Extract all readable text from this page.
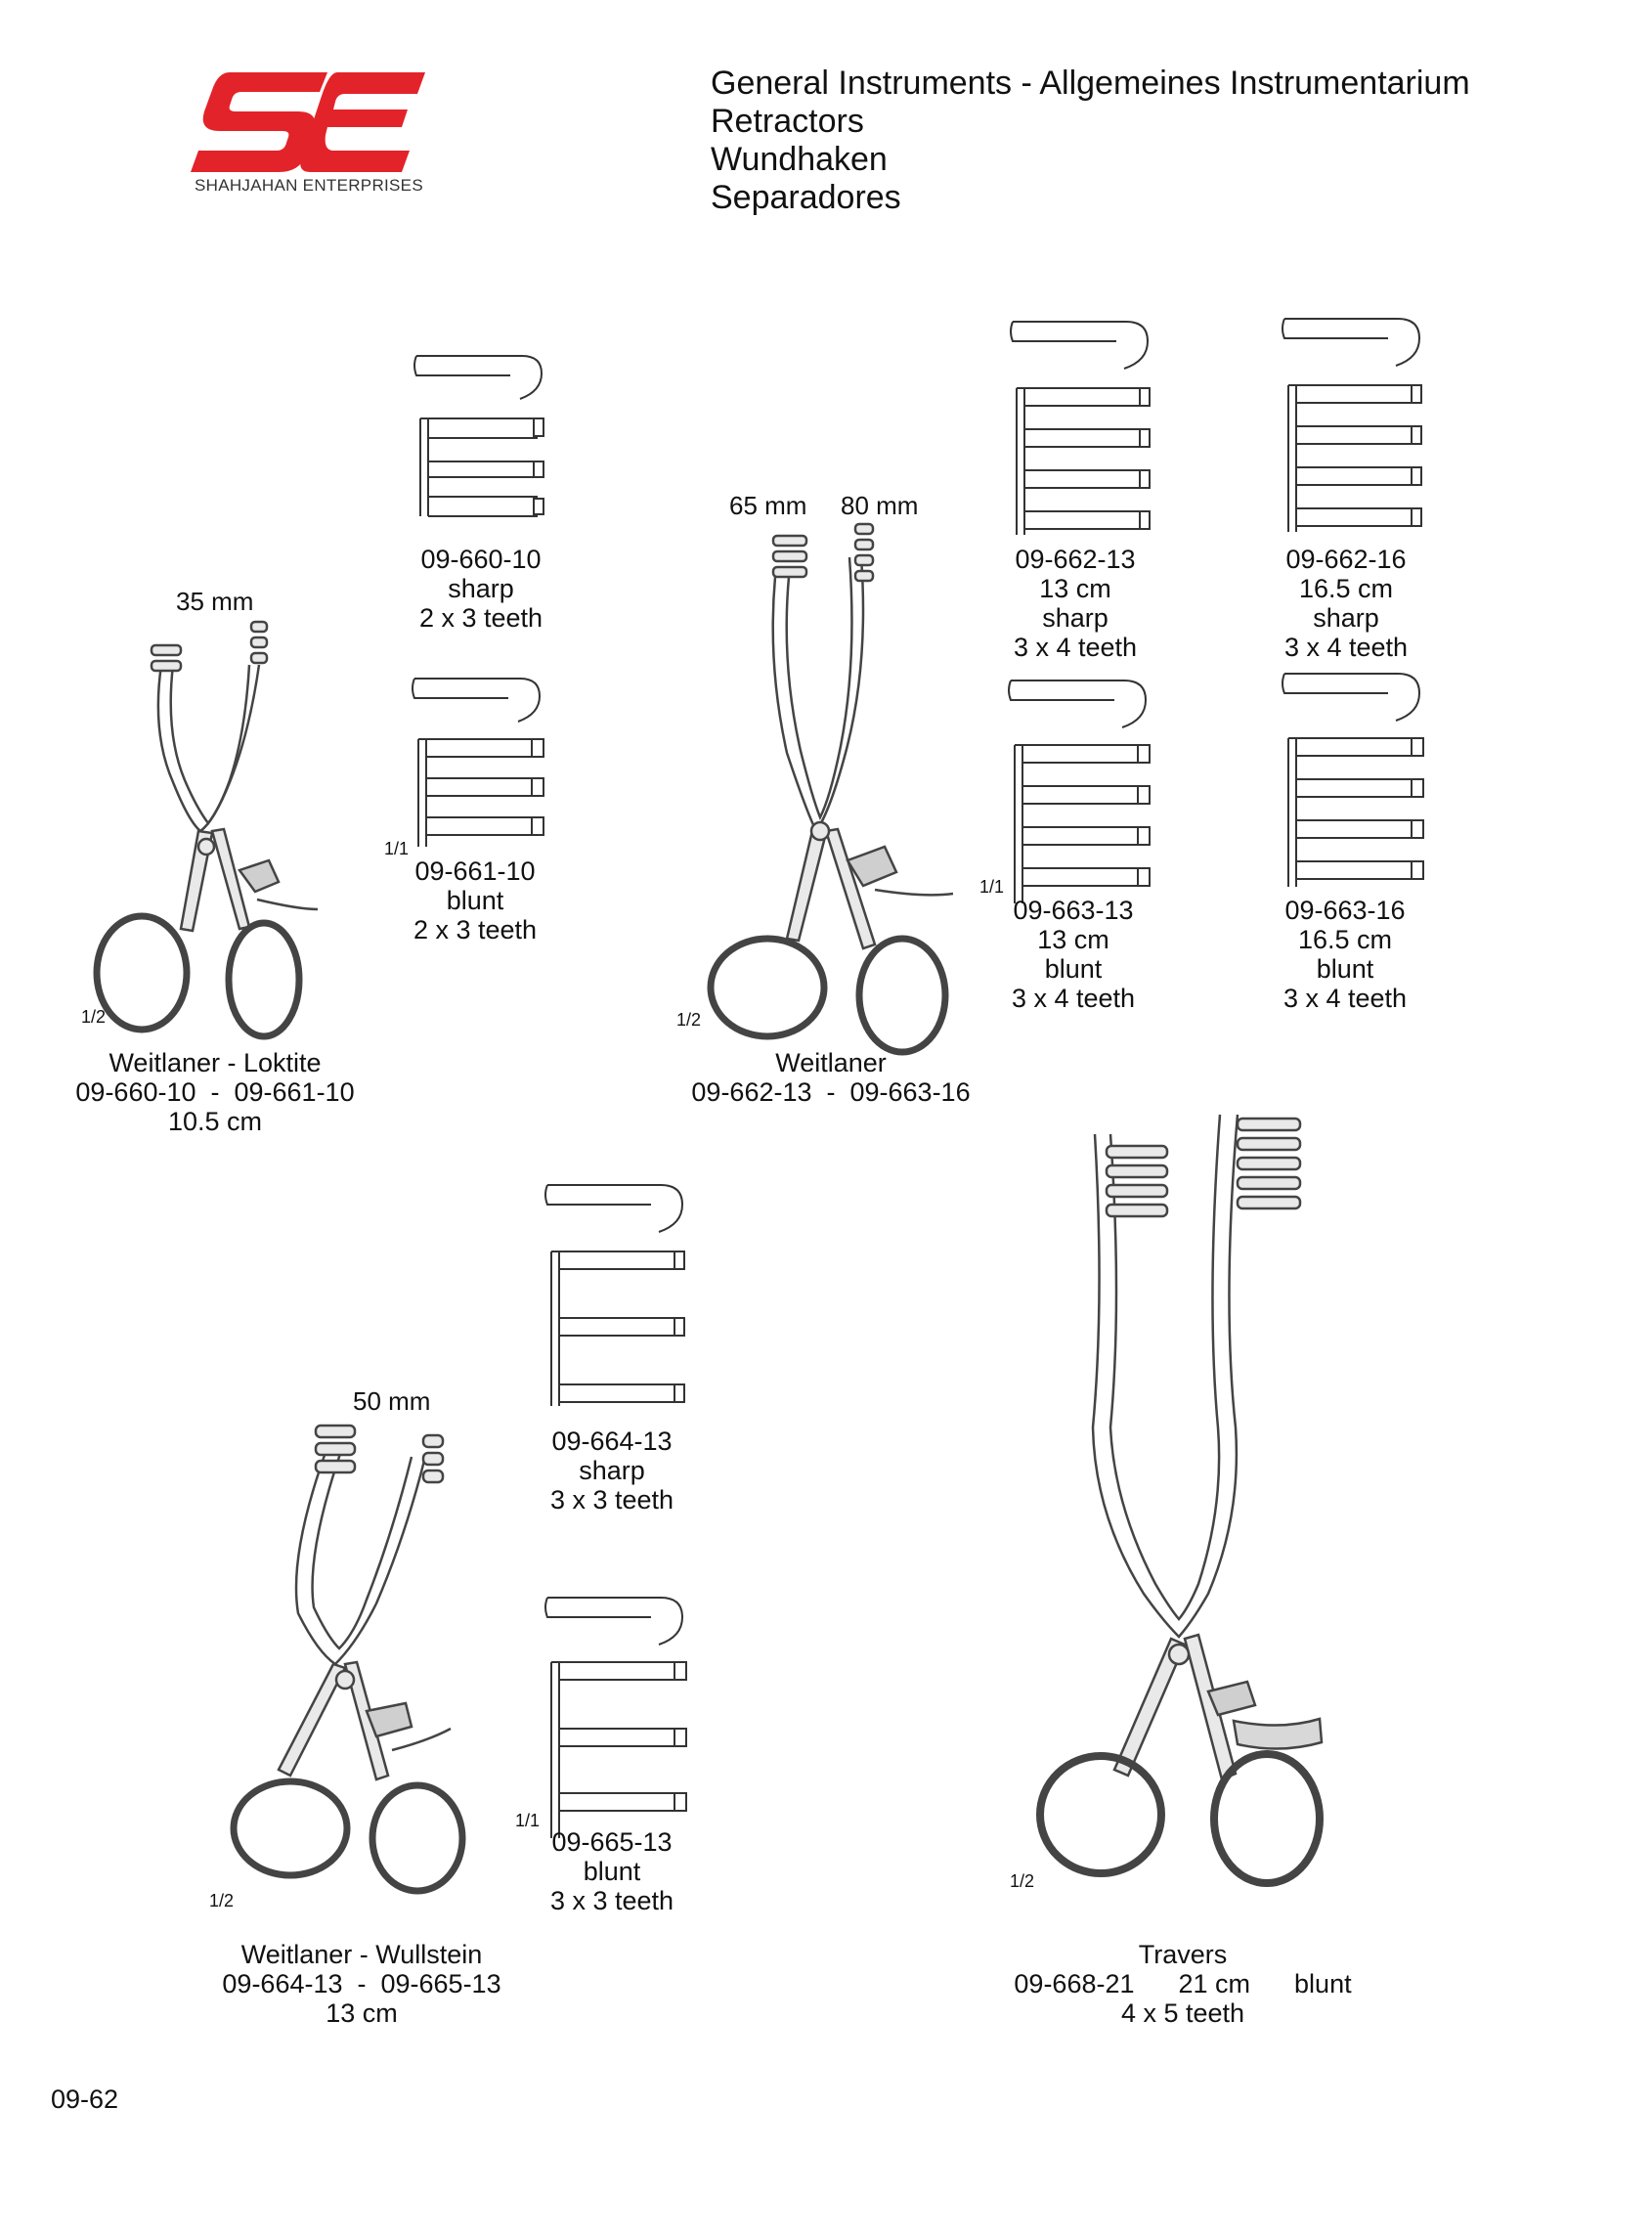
SHAHJAHAN ENTERPRISES
General Instruments - Allgemeines Instrumentarium
Retractors
Wundhaken
Separadores
1/2
1/1
1/2
1/1
1/2
1/1
1/2
35 mm
65 mm 80 mm
50 mm
09-660-10
sharp
2 x 3 teeth
09-661-10
blunt
2 x 3 teeth
09-662-13
13 cm
sharp
3 x 4 teeth
09-662-16
16.5 cm
sharp
3 x 4 teeth
09-663-13
13 cm
blunt
3 x 4 teeth
09-663-16
16.5 cm
blunt
3 x 4 teeth
09-664-13
sharp
3 x 3 teeth
09-665-13
blunt
3 x 3 teeth
Weitlaner - Loktite
09-660-10  -  09-661-10
10.5 cm
Weitlaner
09-662-13  -  09-663-16
Weitlaner - Wullstein
09-664-13  -  09-665-13
13 cm
Travers
09-668-21      21 cm      blunt
4 x 5 teeth
09-62
